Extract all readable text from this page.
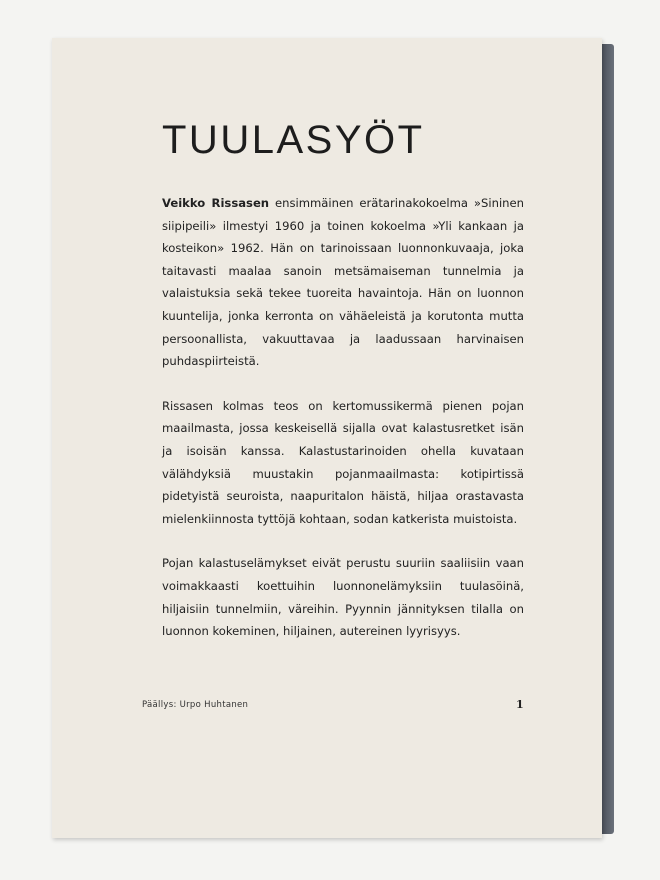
TUULASYÖT

Veikko Rissasen ensimmäinen erätarinakokoelma »Sininen siipipeili» ilmestyi 1960 ja toinen kokoelma »Yli kankaan ja kosteikon» 1962. Hän on tarinoissaan luonnonkuvaaja, joka taitavasti maalaa sanoin metsämaiseman tunnelmia ja valaistuksia sekä tekee tuoreita havaintoja. Hän on luonnon kuuntelija, jonka kerronta on vähäeleistä ja korutonta mutta persoonallista, vakuuttavaa ja laadussaan harvinaisen puhdaspiirteistä.

Rissasen kolmas teos on kertomussikermä pienen pojan maailmasta, jossa keskeisellä sijalla ovat kalastusretket isän ja isoisän kanssa. Kalastustarinoiden ohella kuvataan välähdyksiä muustakin pojanmaailmasta: kotipirtissä pidetyistä seuroista, naapuritalon häistä, hiljaa orastavasta mielenkiinnosta tyttöjä kohtaan, sodan katkerista muistoista.

Pojan kalastuselämykset eivät perustu suuriin saaliisiin vaan voimakkaasti koettuihin luonnonelämyksiin tuulasöinä, hiljaisiin tunnelmiin, väreihin. Pyynnin jännityksen tilalla on luonnon kokeminen, hiljainen, autereinen lyyrisyys.

Päällys: Urpo Huhtanen	1
